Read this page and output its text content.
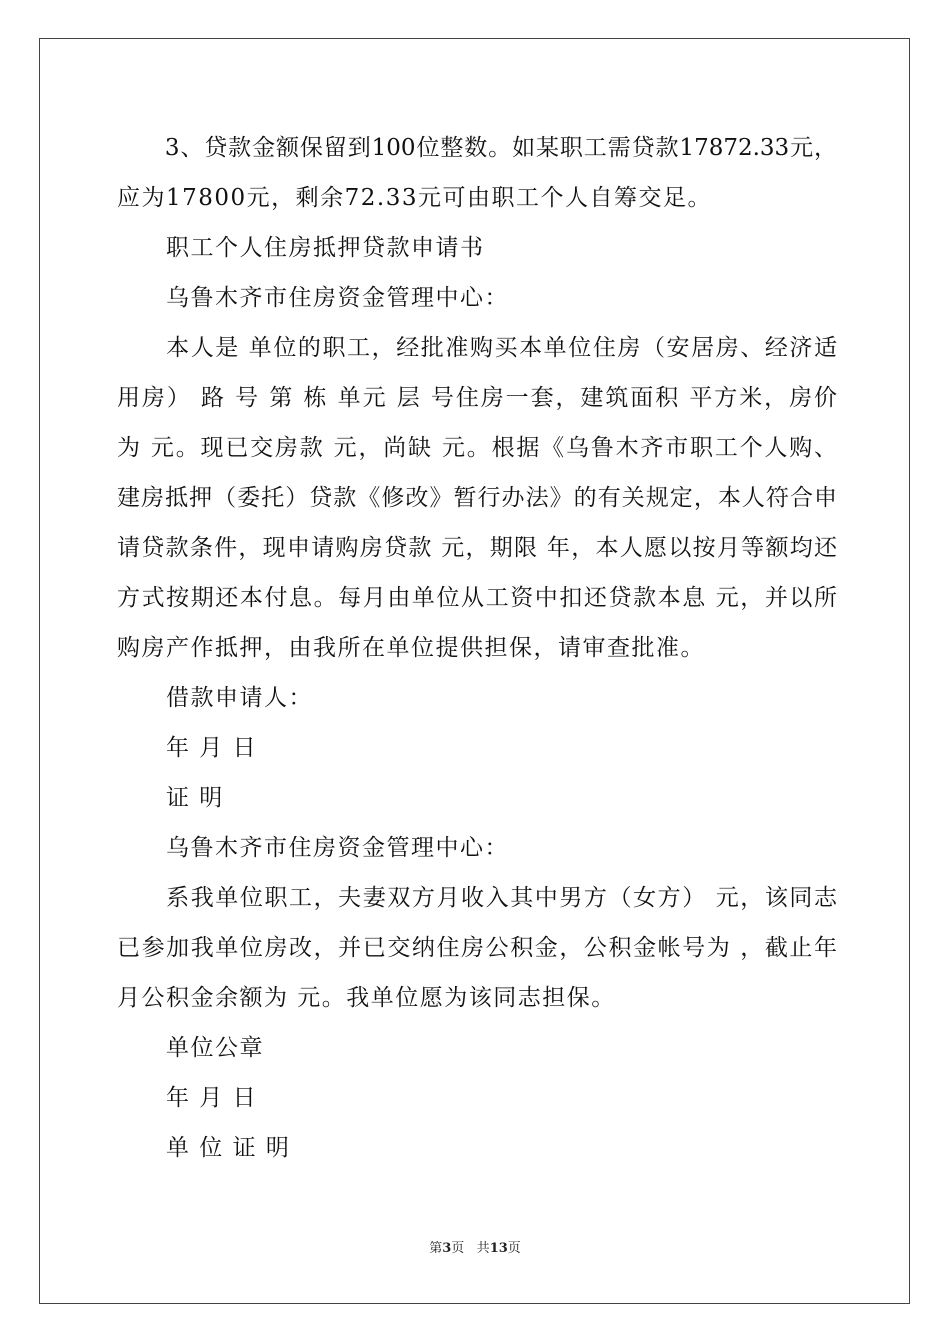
　　3、贷款金额保留到100位整数。如某职工需贷款17872.33元，
应为17800元，剩余72.33元可由职工个人自筹交足。
　　职工个人住房抵押贷款申请书
　　乌鲁木齐市住房资金管理中心：
　　本人是 单位的职工，经批准购买本单位住房（安居房、经济适
用房） 路 号 第 栋 单元 层 号住房一套，建筑面积 平方米，房价
为 元。现已交房款 元，尚缺 元。根据《乌鲁木齐市职工个人购、
建房抵押（委托）贷款《修改》暂行办法》的有关规定，本人符合申
请贷款条件，现申请购房贷款 元，期限 年，本人愿以按月等额均还
方式按期还本付息。每月由单位从工资中扣还贷款本息 元，并以所
购房产作抵押，由我所在单位提供担保，请审查批准。
　　借款申请人：
　　年 月 日
　　证 明
　　乌鲁木齐市住房资金管理中心：
　　系我单位职工，夫妻双方月收入其中男方（女方） 元，该同志
已参加我单位房改，并已交纳住房公积金，公积金帐号为 ，截止年
月公积金余额为 元。我单位愿为该同志担保。
　　单位公章
　　年 月 日
　　单 位 证 明
第3页 共13页
